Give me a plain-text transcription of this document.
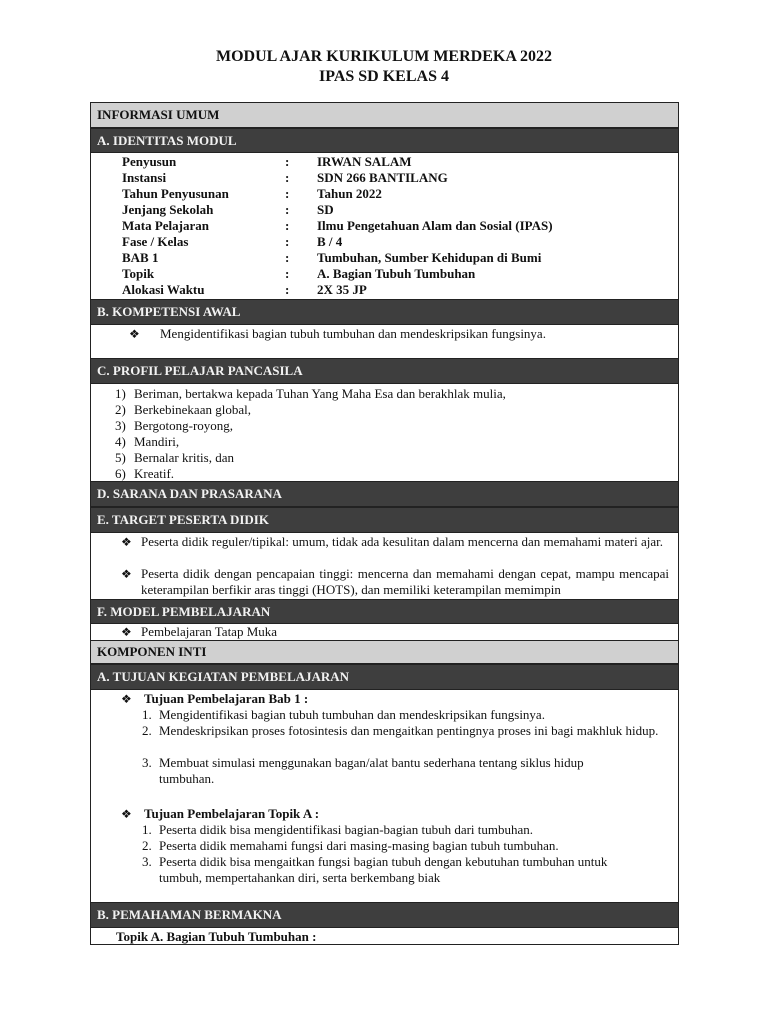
MODUL AJAR KURIKULUM MERDEKA 2022
IPAS SD KELAS 4
INFORMASI UMUM
A. IDENTITAS MODUL
Penyusun	: IRWAN SALAM
Instansi	: SDN 266 BANTILANG
Tahun Penyusunan	: Tahun 2022
Jenjang Sekolah	: SD
Mata Pelajaran	: Ilmu Pengetahuan Alam dan Sosial (IPAS)
Fase / Kelas	: B / 4
BAB 1	: Tumbuhan, Sumber Kehidupan di Bumi
Topik	: A. Bagian Tubuh Tumbuhan
Alokasi Waktu	: 2X 35 JP
B. KOMPETENSI AWAL
❖ Mengidentifikasi bagian tubuh tumbuhan dan mendeskripsikan fungsinya.
C. PROFIL PELAJAR PANCASILA
1) Beriman, bertakwa kepada Tuhan Yang Maha Esa dan berakhlak mulia,
2) Berkebinekaan global,
3) Bergotong-royong,
4) Mandiri,
5) Bernalar kritis, dan
6) Kreatif.
D. SARANA DAN PRASARANA
E. TARGET PESERTA DIDIK
❖ Peserta didik reguler/tipikal: umum, tidak ada kesulitan dalam mencerna dan memahami materi ajar.
❖ Peserta didik dengan pencapaian tinggi: mencerna dan memahami dengan cepat, mampu mencapai keterampilan berfikir aras tinggi (HOTS), dan memiliki keterampilan memimpin
F. MODEL PEMBELAJARAN
❖ Pembelajaran Tatap Muka
KOMPONEN INTI
A. TUJUAN KEGIATAN PEMBELAJARAN
❖ Tujuan Pembelajaran Bab 1 :
1. Mengidentifikasi bagian tubuh tumbuhan dan mendeskripsikan fungsinya.
2. Mendeskripsikan proses fotosintesis dan mengaitkan pentingnya proses ini bagi makhluk hidup.
3. Membuat simulasi menggunakan bagan/alat bantu sederhana tentang siklus hidup tumbuhan.
❖ Tujuan Pembelajaran Topik A :
1. Peserta didik bisa mengidentifikasi bagian-bagian tubuh dari tumbuhan.
2. Peserta didik memahami fungsi dari masing-masing bagian tubuh tumbuhan.
3. Peserta didik bisa mengaitkan fungsi bagian tubuh dengan kebutuhan tumbuhan untuk tumbuh, mempertahankan diri, serta berkembang biak
B. PEMAHAMAN BERMAKNA
Topik A. Bagian Tubuh Tumbuhan :
